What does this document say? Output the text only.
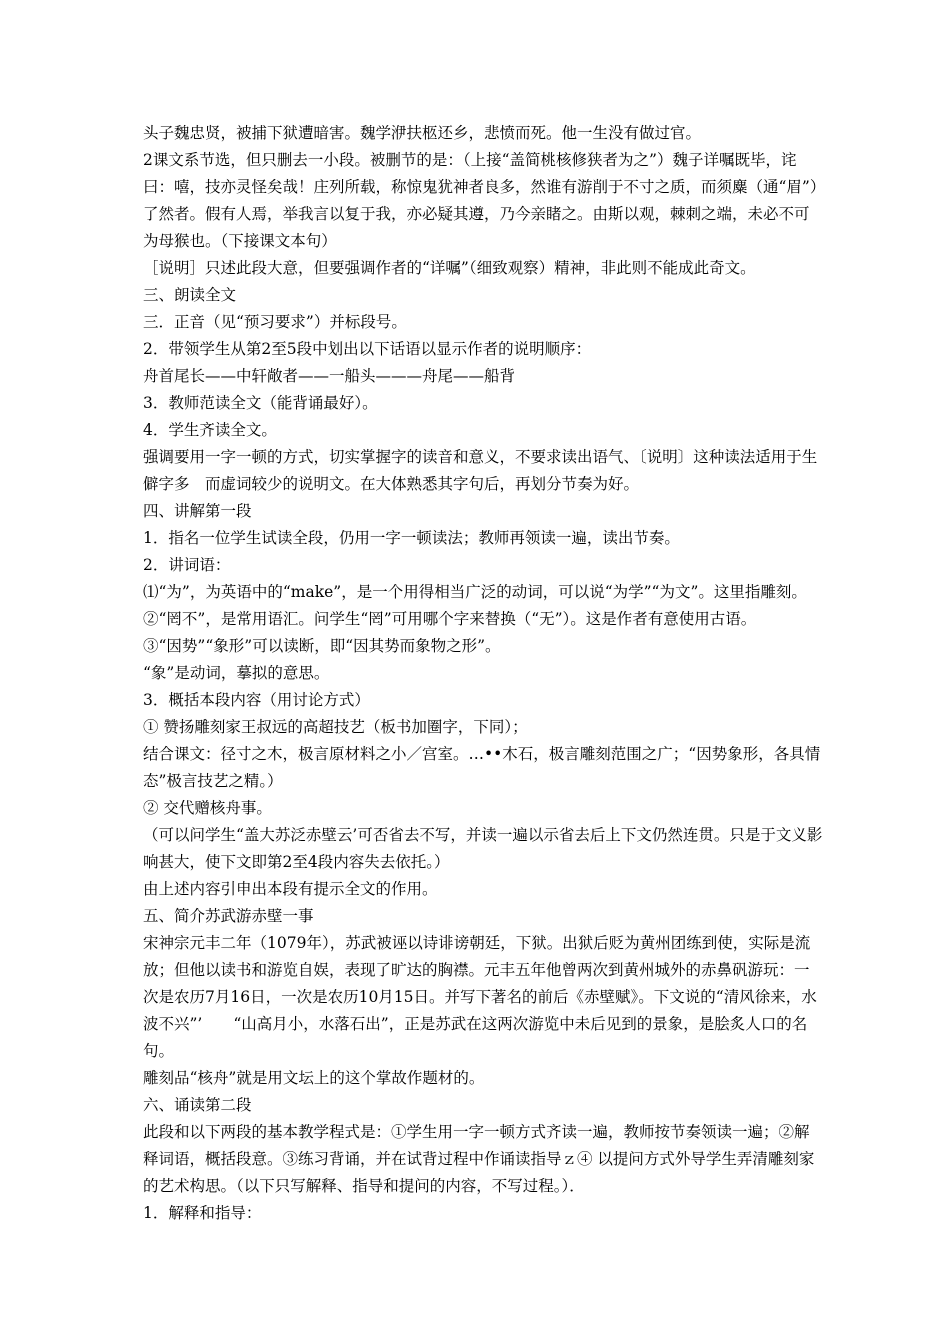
头子魏忠贤，被捕下狱遭暗害。魏学洢扶柩还乡，悲愤而死。他一生没有做过官。

2课文系节选，但只删去一小段。被删节的是：（上接“盖简桃核修狭者为之”）魏子详嘱既毕，诧曰：嘻，技亦灵怪矣哉！庄列所载，称惊鬼犹神者良多，然谁有游削于不寸之质，而须麋（通“眉”）了然者。假有人焉，举我言以复于我，亦必疑其遵，乃今亲睹之。由斯以观，棘刺之端，未必不可为母猴也。（下接课文本句）

［说明］只述此段大意，但要强调作者的“详嘱”（细致观察）精神，非此则不能成此奇文。

三、朗读全文

三．正音（见“预习要求”）并标段号。

2．带领学生从第2至5段中划出以下话语以显示作者的说明顺序：

舟首尾长——中轩敞者——一船头———舟尾——船背

3．教师范读全文（能背诵最好）。

4．学生齐读全文。

强调要用一字一顿的方式，切实掌握字的读音和意义，不要求读出语气、〔说明〕这种读法适用于生僻字多　而虚词较少的说明文。在大体熟悉其字句后，再划分节奏为好。

四、讲解第一段

1．指名一位学生试读全段，仍用一字一顿读法；教师再领读一遍，读出节奏。

2．讲词语：

⑴“为”，为英语中的“make”，是一个用得相当广泛的动词，可以说“为学”“为文”。这里指雕刻。

②“罔不”，是常用语汇。问学生“罔”可用哪个字来替换（“无”）。这是作者有意使用古语。

③“因势”“象形”可以读断，即“因其势而象物之形”。

“象”是动词，摹拟的意思。

3．概括本段内容（用讨论方式）

① 赞扬雕刻家王叔远的高超技艺（板书加圈字，下同）；

结合课文：径寸之木，极言原材料之小／宫室。…••木石，极言雕刻范围之广；“因势象形，各具情态”极言技艺之精。）

② 交代赠核舟事。

（可以问学生“盖大苏泛赤壁云’可否省去不写，并读一遍以示省去后上下文仍然连贯。只是于文义影响甚大，使下文即第2至4段内容失去依托。）

由上述内容引申出本段有提示全文的作用。

五、简介苏武游赤壁一事

宋神宗元丰二年（1079年），苏武被诬以诗诽谤朝廷，下狱。出狱后贬为黄州团练到使，实际是流放；但他以读书和游览自娱，表现了旷达的胸襟。元丰五年他曾两次到黄州城外的赤鼻矾游玩：一次是农历7月16日，一次是农历10月15日。并写下著名的前后《赤壁赋》。下文说的“清风徐来，水波不兴”’　　“山高月小，水落石出”，正是苏武在这两次游览中未后见到的景象，是脍炙人口的名句。

雕刻品“核舟”就是用文坛上的这个掌故作题材的。

六、诵读第二段

此段和以下两段的基本教学程式是：①学生用一字一顿方式齐读一遍，教师按节奏领读一遍；②解释词语，概括段意。③练习背诵，并在试背过程中作诵读指导ｚ④ 以提问方式外导学生弄清雕刻家的艺术构思。（以下只写解释、指导和提问的内容，不写过程。）．

1．解释和指导：
